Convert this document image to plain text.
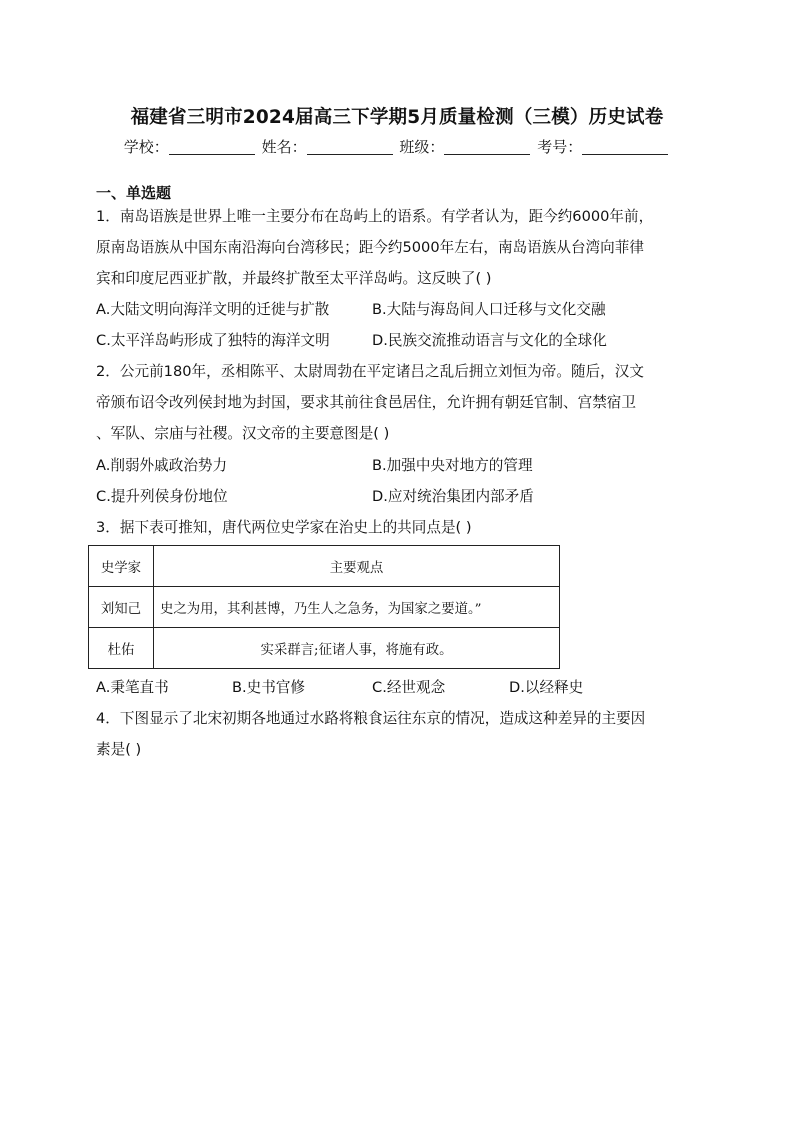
福建省三明市2024届高三下学期5月质量检测（三模）历史试卷
学校：	姓名：	班级：	考号：
一、单选题
1．南岛语族是世界上唯一主要分布在岛屿上的语系。有学者认为，距今约6000年前，
原南岛语族从中国东南沿海向台湾移民；距今约5000年左右，南岛语族从台湾向菲律
宾和印度尼西亚扩散，并最终扩散至太平洋岛屿。这反映了( )
A.大陆文明向海洋文明的迁徙与扩散	B.大陆与海岛间人口迁移与文化交融
C.太平洋岛屿形成了独特的海洋文明	D.民族交流推动语言与文化的全球化
2．公元前180年，丞相陈平、太尉周勃在平定诸吕之乱后拥立刘恒为帝。随后，汉文
帝颁布诏令改列侯封地为封国，要求其前往食邑居住，允许拥有朝廷官制、宫禁宿卫
、军队、宗庙与社稷。汉文帝的主要意图是( )
A.削弱外戚政治势力	B.加强中央对地方的管理
C.提升列侯身份地位	D.应对统治集团内部矛盾
3．据下表可推知，唐代两位史学家在治史上的共同点是( )
史学家	主要观点
刘知己	史之为用，其利甚博，乃生人之急务，为国家之要道。”
杜佑	实采群言;征诸人事，将施有政。
A.秉笔直书	B.史书官修	C.经世观念	D.以经释史
4．下图显示了北宋初期各地通过水路将粮食运往东京的情况，造成这种差异的主要因
素是( )
